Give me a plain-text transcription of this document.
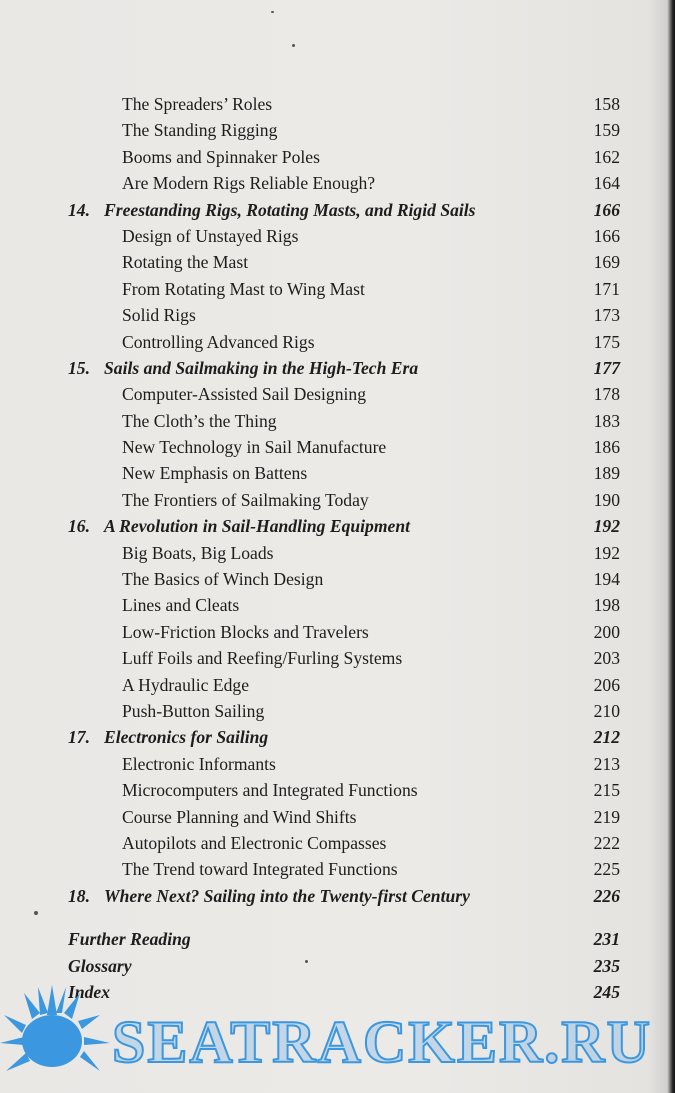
The Spreaders’ Roles	158
The Standing Rigging	159
Booms and Spinnaker Poles	162
Are Modern Rigs Reliable Enough?	164
14. Freestanding Rigs, Rotating Masts, and Rigid Sails	166
Design of Unstayed Rigs	166
Rotating the Mast	169
From Rotating Mast to Wing Mast	171
Solid Rigs	173
Controlling Advanced Rigs	175
15. Sails and Sailmaking in the High-Tech Era	177
Computer-Assisted Sail Designing	178
The Cloth’s the Thing	183
New Technology in Sail Manufacture	186
New Emphasis on Battens	189
The Frontiers of Sailmaking Today	190
16. A Revolution in Sail-Handling Equipment	192
Big Boats, Big Loads	192
The Basics of Winch Design	194
Lines and Cleats	198
Low-Friction Blocks and Travelers	200
Luff Foils and Reefing/Furling Systems	203
A Hydraulic Edge	206
Push-Button Sailing	210
17. Electronics for Sailing	212
Electronic Informants	213
Microcomputers and Integrated Functions	215
Course Planning and Wind Shifts	219
Autopilots and Electronic Compasses	222
The Trend toward Integrated Functions	225
18. Where Next? Sailing into the Twenty-first Century	226
Further Reading	231
Glossary	235
Index	245
SEATRACKER.RU
